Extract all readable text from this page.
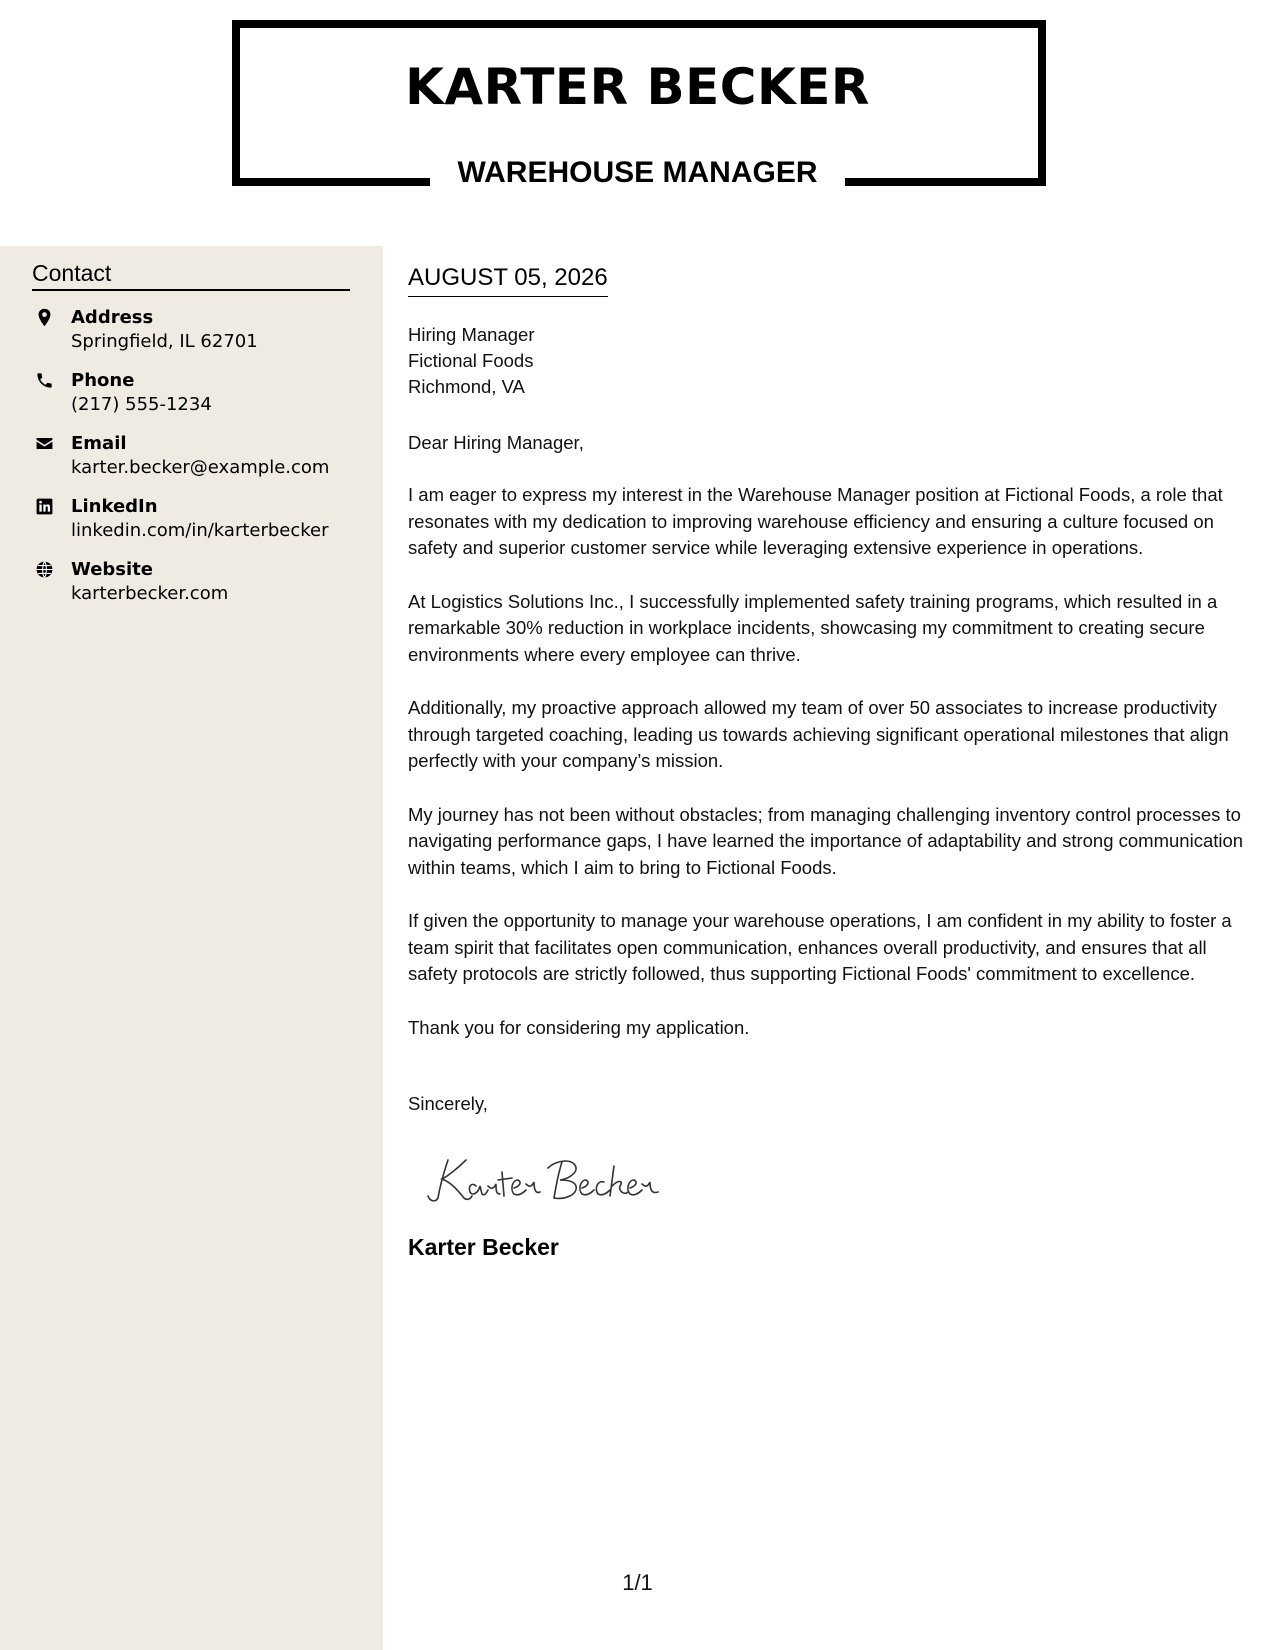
KARTER BECKER
WAREHOUSE MANAGER
Contact
Address
Springfield, IL 62701
Phone
(217) 555-1234
Email
karter.becker@example.com
LinkedIn
linkedin.com/in/karterbecker
Website
karterbecker.com
AUGUST 05, 2026
Hiring Manager
Fictional Foods
Richmond, VA

Dear Hiring Manager,

I am eager to express my interest in the Warehouse Manager position at Fictional Foods, a role that resonates with my dedication to improving warehouse efficiency and ensuring a culture focused on safety and superior customer service while leveraging extensive experience in operations.

At Logistics Solutions Inc., I successfully implemented safety training programs, which resulted in a remarkable 30% reduction in workplace incidents, showcasing my commitment to creating secure environments where every employee can thrive.

Additionally, my proactive approach allowed my team of over 50 associates to increase productivity through targeted coaching, leading us towards achieving significant operational milestones that align perfectly with your company’s mission.

My journey has not been without obstacles; from managing challenging inventory control processes to navigating performance gaps, I have learned the importance of adaptability and strong communication within teams, which I aim to bring to Fictional Foods.

If given the opportunity to manage your warehouse operations, I am confident in my ability to foster a team spirit that facilitates open communication, enhances overall productivity, and ensures that all safety protocols are strictly followed, thus supporting Fictional Foods' commitment to excellence.

Thank you for considering my application.

Sincerely,

Karter Becker

1/1
